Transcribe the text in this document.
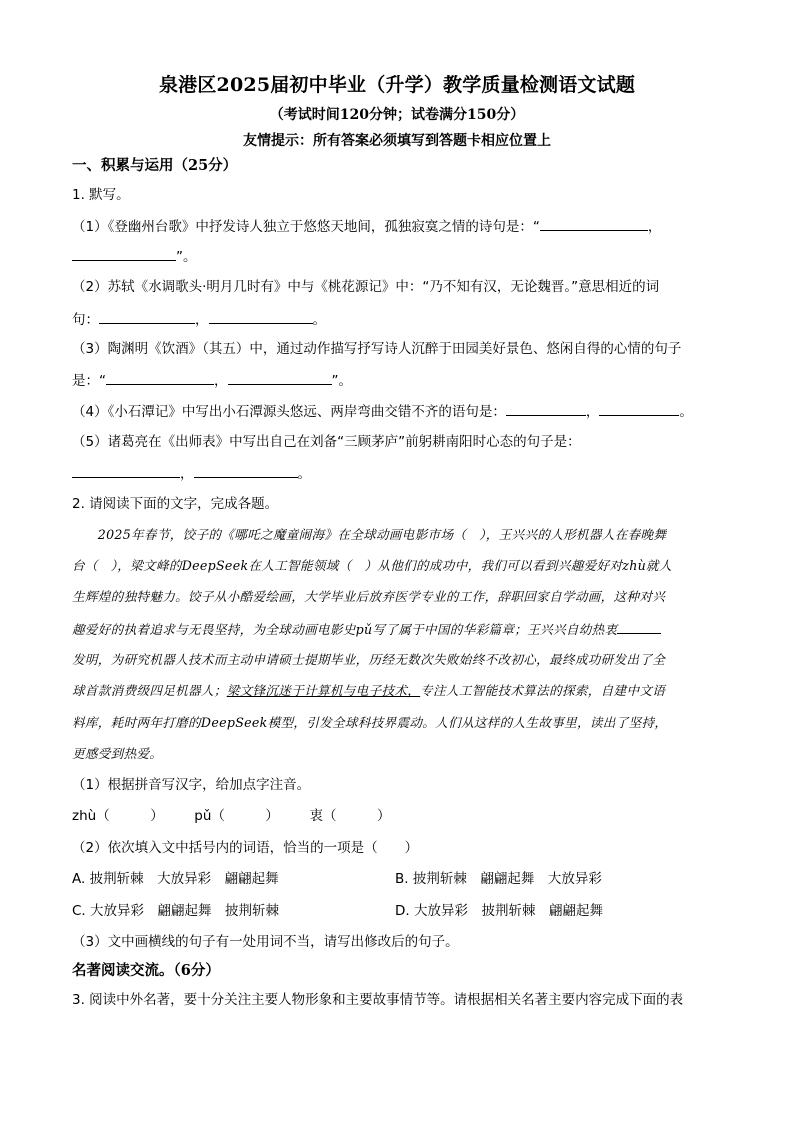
泉港区2025届初中毕业（升学）教学质量检测语文试题
（考试时间120分钟；试卷满分150分）
友情提示：所有答案必须填写到答题卡相应位置上
一、积累与运用（25分）
1. 默写。
（1）《登幽州台歌》中抒发诗人独立于悠悠天地间，孤独寂寞之情的诗句是：“	，
”。
（2）苏轼《水调歌头·明月几时有》中与《桃花源记》中：“乃不知有汉，无论魏晋。”意思相近的词
句：	，	。
（3）陶渊明《饮酒》（其五）中，通过动作描写抒写诗人沉醉于田园美好景色、悠闲自得的心情的句子
是：“	，	”。
（4）《小石潭记》中写出小石潭源头悠远、两岸弯曲交错不齐的语句是：	，	。
（5）诸葛亮在《出师表》中写出自己在刘备“三顾茅庐”前躬耕南阳时心态的句子是：
，	。
2. 请阅读下面的文字，完成各题。
　　2025年春节，饺子的《哪吒之魔童闹海》在全球动画电影市场（　），王兴兴的人形机器人在春晚舞
台（　），梁文峰的DeepSeek在人工智能领域（　）从他们的成功中，我们可以看到兴趣爱好对zhù就人
生辉煌的独特魅力。饺子从小酷爱绘画，大学毕业后放弃医学专业的工作，辞职回家自学动画，这种对兴
趣爱好的执着追求与无畏坚持，为全球动画电影史pǔ写了属于中国的华彩篇章；王兴兴自幼热衷
发明，为研究机器人技术而主动申请硕士提期毕业，历经无数次失败始终不改初心，最终成功研发出了全
球首款消费级四足机器人；梁文锋沉迷于计算机与电子技术，专注人工智能技术算法的探索，自建中文语
料库，耗时两年打磨的DeepSeek模型，引发全球科技界震动。人们从这样的人生故事里，读出了坚持，
更感受到热爱。
（1）根据拼音写汉字，给加点字注音。
zhù（　　　） pǔ（　　　） 衷（　　　）
（2）依次填入文中括号内的词语，恰当的一项是（　　）
A. 披荆斩棘　大放异彩　翩翩起舞	B. 披荆斩棘　翩翩起舞　大放异彩
C. 大放异彩　翩翩起舞　披荆斩棘	D. 大放异彩　披荆斩棘　翩翩起舞
（3）文中画横线的句子有一处用词不当，请写出修改后的句子。
名著阅读交流。（6分）
3. 阅读中外名著，要十分关注主要人物形象和主要故事情节等。请根据相关名著主要内容完成下面的表
